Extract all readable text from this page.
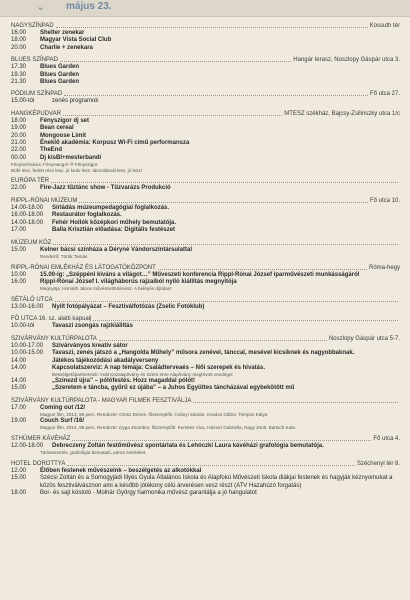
⌄ május 23.
NAGYSZÍNPAD	Kossuth tér
16.00	Shelter zenekar
18.00	Magyar Vista Social Club
20.00	Charlie + zenekara
BLUES SZÍNPAD	Hangár terasz, Noszlopy Gáspár utca 3.
17.30	Blues Garden
19.30	Blues Garden
21.30	Blues Garden
PÓDIUM SZÍNPAD	Fő utca 27.
15.00-tól	zenés programok
HANGKÉPUDVAR	MTESZ székház, Bajcsy-Zsilinszky utca 1/c
18.00	Fényszigor dj set
19.00	Bean cereal
20.00	Mongoose Limit
21.00	Éneklő akadémia: Korpusz Wi-Fi című performansza
22.00	TheEnd
00.00	Dj kisBl+mesterbandi
Fénytechnikus: FényHangÁr ® Fényszigor
Büfé lesz, fedett rész lesz, jó kedv lesz, táncolásnál lesz, jó lesz!
EURÓPA TÉR
22.00	Fire-Jazz tűztánc show - Tűzvarázs Produkció
RIPPL-RÓNAI MÚZEUM	Fő utca 10.
14.00-18.00	Sírládás múzeumpedagógiai foglalkozás.
16.00-18.00	Restaurátor foglalkozás.
14.00-18.00	Fehér Hollók középkori műhely bemutatója.
17.00	Balla Krisztián előadása: Digitális festészet
MÚZEUM KÖZ
15.00	Kelner bácsi színháza a Dérynė Vándorszíntársulattal
Rendező: Török Tamás
RIPPL-RÓNAI EMLÉKHÁZ ÉS LÁTOGATÓKÖZPONT	Róma-hegy
10.00	15.00-ig: „Széppéni kiváns a világot…” Műveszeti konferencia Rippl-Rónai József iparművészeti munkásságáról
16.00	Rippl-Rónai József I. világháborús rajzaiból nyíló kiállítás megnyitója
Megnyitja: Horváth János művészettörténész. A belépés díjtalan!
SÉTÁLÓ UTCA
13.00-16.00	Nyílt fotópályázat – Fesztiválfotózás (Zselic Fotóklub)
FŐ UTCA 16. sz. alatti kapualj
10.00-tól	Tavaszi zsongás rajzkiállítás
SZIVÁRVÁNY KULTÚRPALOTA	Noszlopy Gáspár utca 5-7.
10.00-17.00	Szivárványos kreatív sátor
10.00-15.00	Tavaszi, zenés játszó a „Hangolda Műhely” műsora zenével, tánccal, mesével kicsiknek és nagyobbaknak.
14.00	Játékos tájékozódási akadályverseny
14.00	Kapcsolatszerviz: A nap témája: Családterveaés – Női szerepek és hivatás.
Beszélgetőpartnereink: Indit Közalapítvány és Szent Imre Alapítvány meghívott vendégei
14.00	„Színezd újra” – pólófestés. Hozz magaddal pólót!
15.00	„Szeretem e táncba, gyűrű ez újába” – a Juhos Együttes táncházával egybekötött mű
SZIVÁRVÁNY KULTÚRPALOTA - MAGYAR FILMEK FESZTIVÁLJA
17.00	Coming out /12/
Magyar film, 2013, 96 perc. Rendezte: Orosz Dénes, főszereplők: Csányi Sándor, Kovács Gábor, Tompos Kátya
19.00	Couch Surf /16/
Magyar film, 2014, 86 perc. Rendezte: Dyga Zsombor, főszereplők: Kerekes Vica, Hámori Gabriella, Nagy Zsolt, Bartsch Kata
STHÜMER KÁVÉHÁZ	Fő utca 4.
12.00-18.00	Debreczeny Zoltán festőművész spontárlata és Lehóczki Laura kávéházi grafológia bemutatója.
Tárlatvezetés, grafológia bemutató, páros önértéket.
HOTEL DOROTTYA	Széchenyi tér 8.
12.00	Élőben festenek művészeink – beszélgetés az alkotókkal
15.00	Szécsi Zoltán és a Somogyjádi Illyés Gyula Általános Iskola és Alapfokú Művészeti Iskola diákjai festenek és hagyják kéznyomukat a közös fesztiválvásznon ami a később jótékony célú árverésen vesz részt (ATV Hazahúzó forgatás)
18.00	Bor- és sajt kóstoló - Molnár György harmonika művész garantálja a jó hangulatot
